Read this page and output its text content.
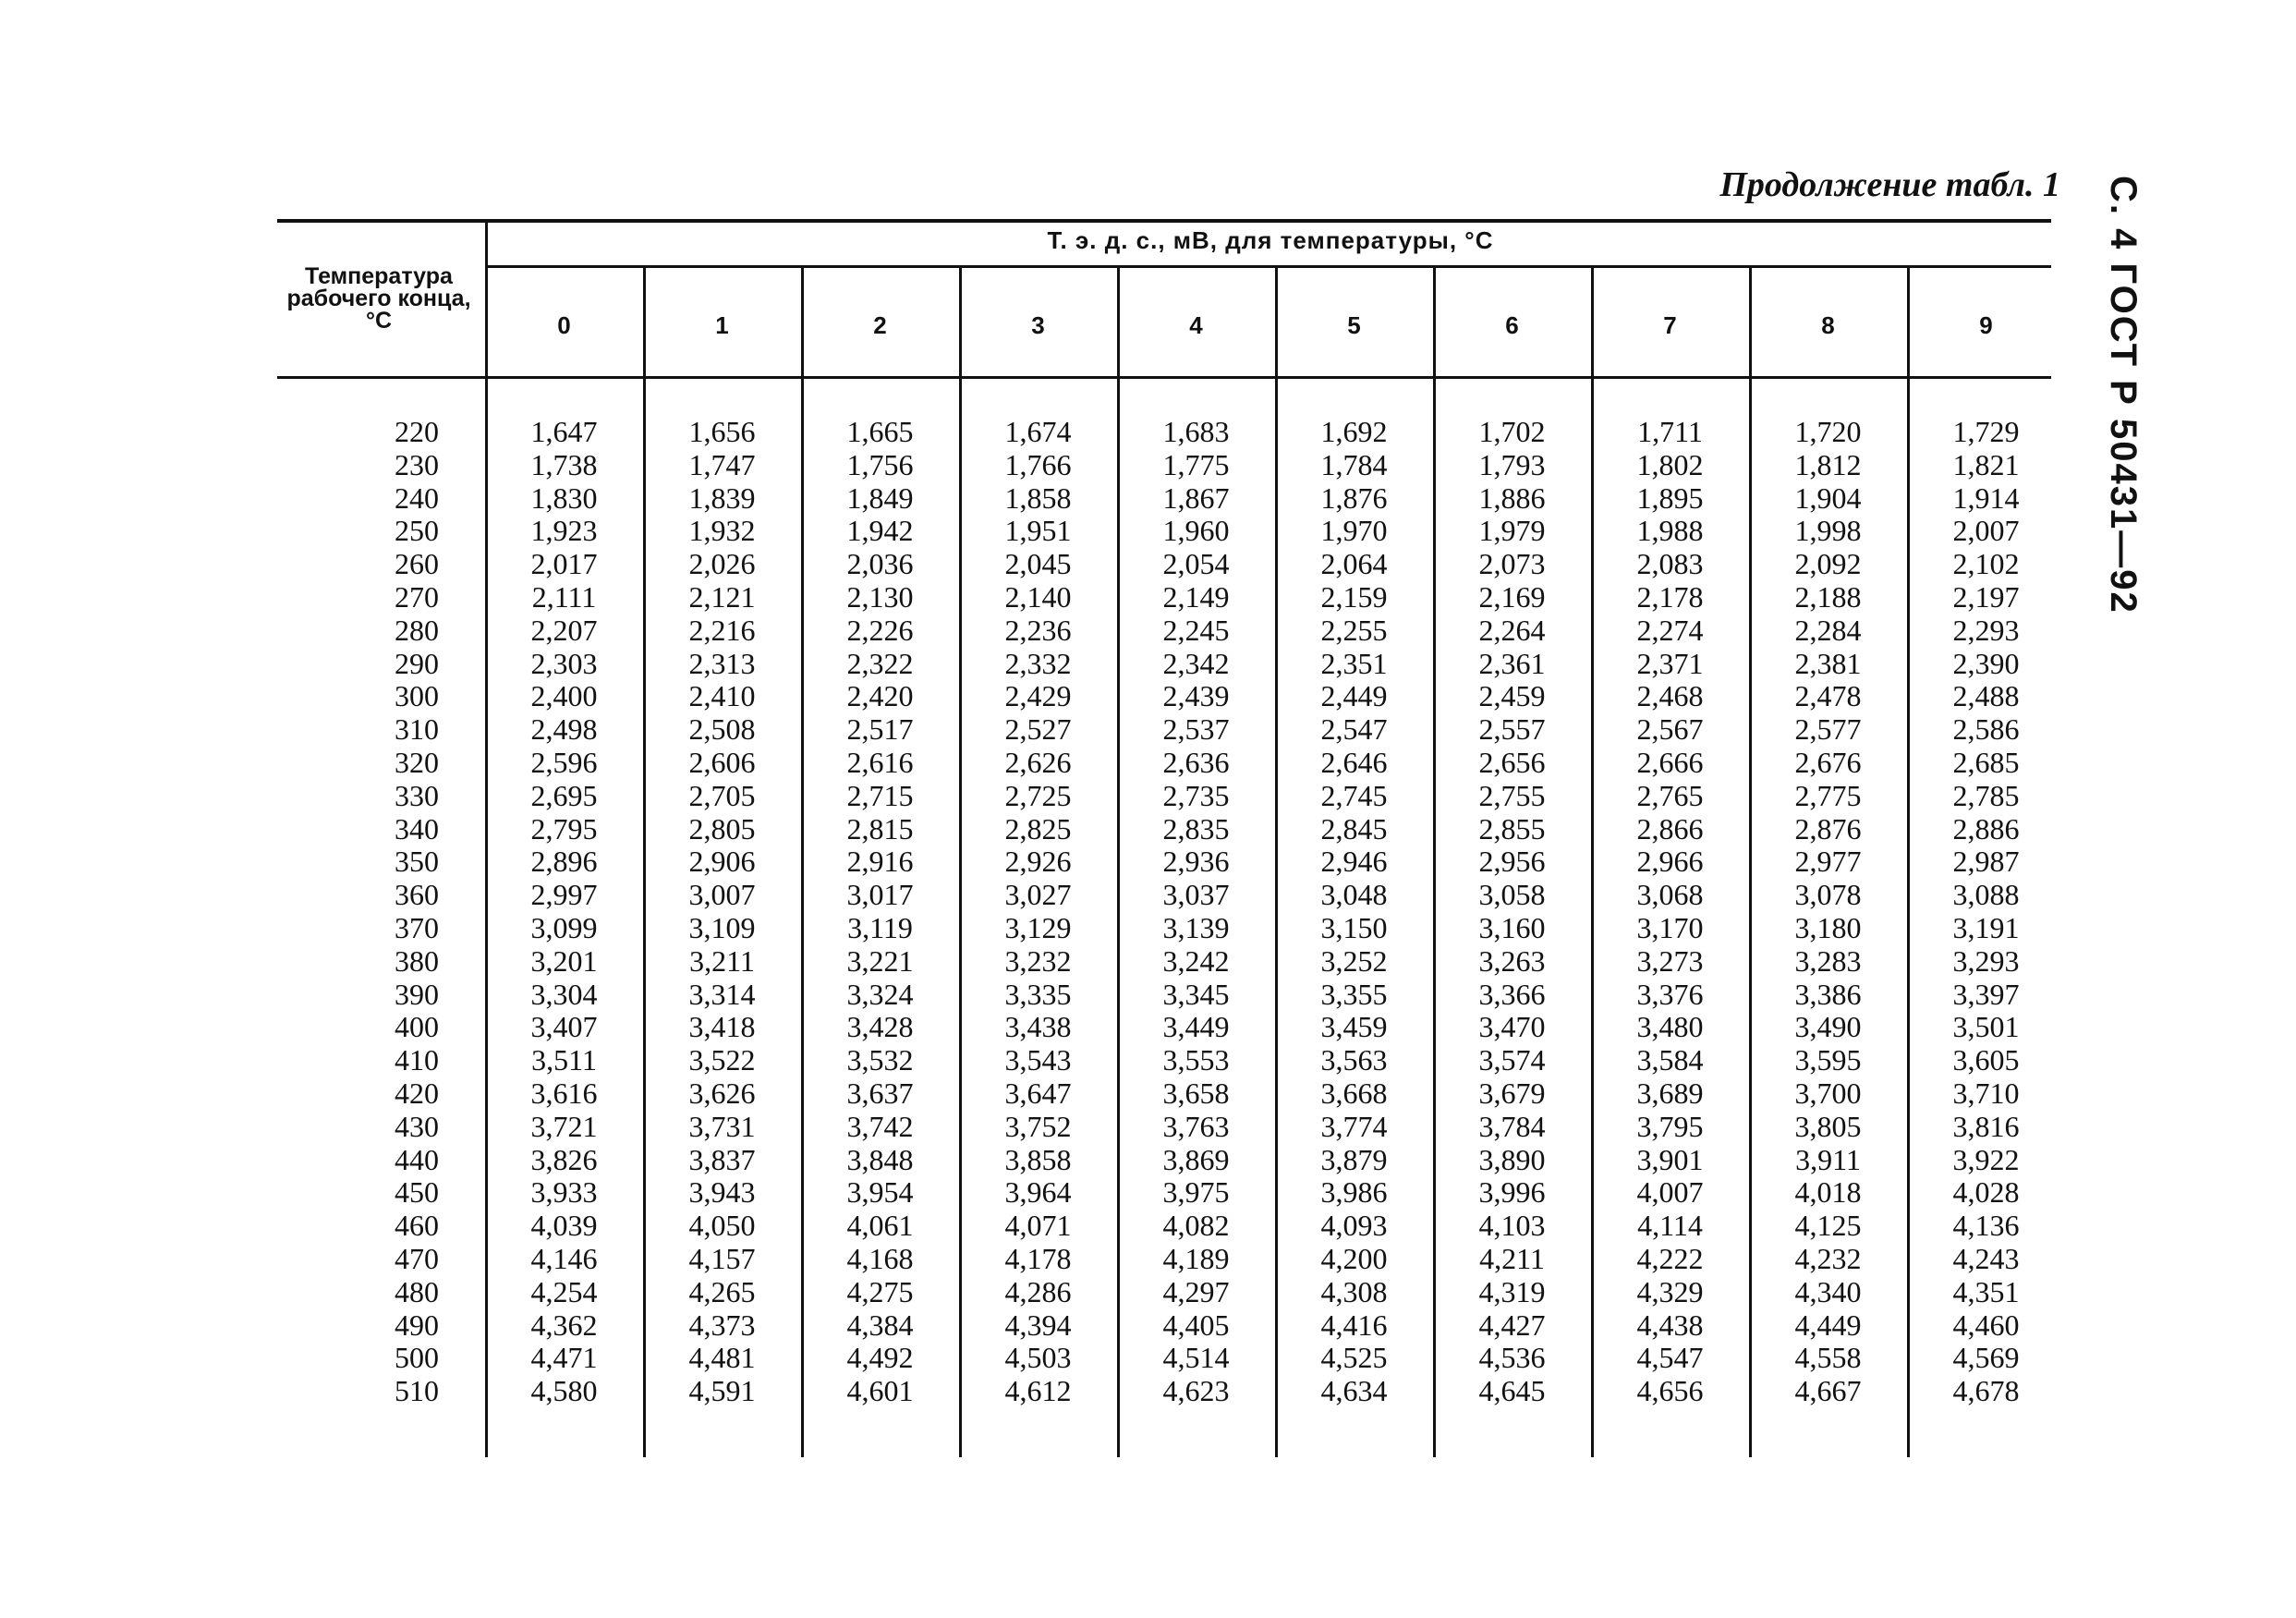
С. 4 ГОСТ Р 50431—92
Продолжение табл. 1
Температура рабочего конца, °С
Т. э. д. с., мВ, для температуры, °С
0	1	2	3	4	5	6	7	8	9
220	1,647	1,656	1,665	1,674	1,683	1,692	1,702	1,711	1,720	1,729
230	1,738	1,747	1,756	1,766	1,775	1,784	1,793	1,802	1,812	1,821
240	1,830	1,839	1,849	1,858	1,867	1,876	1,886	1,895	1,904	1,914
250	1,923	1,932	1,942	1,951	1,960	1,970	1,979	1,988	1,998	2,007
260	2,017	2,026	2,036	2,045	2,054	2,064	2,073	2,083	2,092	2,102
270	2,111	2,121	2,130	2,140	2,149	2,159	2,169	2,178	2,188	2,197
280	2,207	2,216	2,226	2,236	2,245	2,255	2,264	2,274	2,284	2,293
290	2,303	2,313	2,322	2,332	2,342	2,351	2,361	2,371	2,381	2,390
300	2,400	2,410	2,420	2,429	2,439	2,449	2,459	2,468	2,478	2,488
310	2,498	2,508	2,517	2,527	2,537	2,547	2,557	2,567	2,577	2,586
320	2,596	2,606	2,616	2,626	2,636	2,646	2,656	2,666	2,676	2,685
330	2,695	2,705	2,715	2,725	2,735	2,745	2,755	2,765	2,775	2,785
340	2,795	2,805	2,815	2,825	2,835	2,845	2,855	2,866	2,876	2,886
350	2,896	2,906	2,916	2,926	2,936	2,946	2,956	2,966	2,977	2,987
360	2,997	3,007	3,017	3,027	3,037	3,048	3,058	3,068	3,078	3,088
370	3,099	3,109	3,119	3,129	3,139	3,150	3,160	3,170	3,180	3,191
380	3,201	3,211	3,221	3,232	3,242	3,252	3,263	3,273	3,283	3,293
390	3,304	3,314	3,324	3,335	3,345	3,355	3,366	3,376	3,386	3,397
400	3,407	3,418	3,428	3,438	3,449	3,459	3,470	3,480	3,490	3,501
410	3,511	3,522	3,532	3,543	3,553	3,563	3,574	3,584	3,595	3,605
420	3,616	3,626	3,637	3,647	3,658	3,668	3,679	3,689	3,700	3,710
430	3,721	3,731	3,742	3,752	3,763	3,774	3,784	3,795	3,805	3,816
440	3,826	3,837	3,848	3,858	3,869	3,879	3,890	3,901	3,911	3,922
450	3,933	3,943	3,954	3,964	3,975	3,986	3,996	4,007	4,018	4,028
460	4,039	4,050	4,061	4,071	4,082	4,093	4,103	4,114	4,125	4,136
470	4,146	4,157	4,168	4,178	4,189	4,200	4,211	4,222	4,232	4,243
480	4,254	4,265	4,275	4,286	4,297	4,308	4,319	4,329	4,340	4,351
490	4,362	4,373	4,384	4,394	4,405	4,416	4,427	4,438	4,449	4,460
500	4,471	4,481	4,492	4,503	4,514	4,525	4,536	4,547	4,558	4,569
510	4,580	4,591	4,601	4,612	4,623	4,634	4,645	4,656	4,667	4,678
